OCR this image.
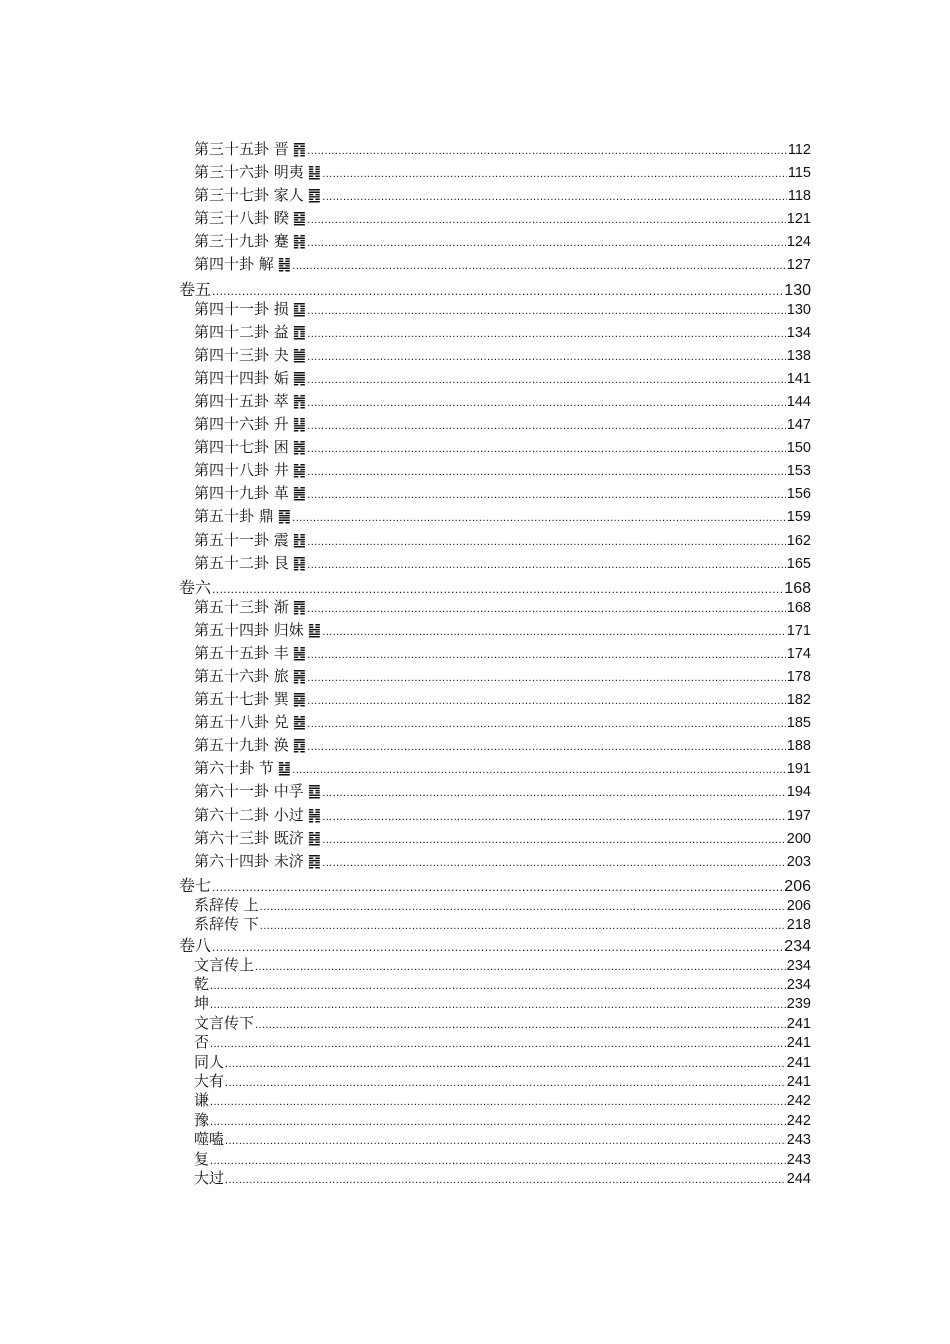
第三十五卦 晋 ䷢ .....	112
第三十六卦 明夷 ䷣ .....	115
第三十七卦 家人 ䷤ .....	118
第三十八卦 睽 ䷥ .....	121
第三十九卦 蹇 ䷦ .....	124
第四十卦 解 ䷧ .....	127
卷五 .....	130
第四十一卦 损 ䷨ .....	130
第四十二卦 益 ䷩ .....	134
第四十三卦 夬 ䷪ .....	138
第四十四卦 姤 ䷫ .....	141
第四十五卦 萃 ䷬ .....	144
第四十六卦 升 ䷭ .....	147
第四十七卦 困 ䷮ .....	150
第四十八卦 井 ䷯ .....	153
第四十九卦 革 ䷰ .....	156
第五十卦 鼎 ䷱ .....	159
第五十一卦 震 ䷲ .....	162
第五十二卦 艮 ䷳ .....	165
卷六 .....	168
第五十三卦 渐 ䷴ .....	168
第五十四卦 归妹 ䷵ .....	171
第五十五卦 丰 ䷶ .....	174
第五十六卦 旅 ䷷ .....	178
第五十七卦 巽 ䷸ .....	182
第五十八卦 兑 ䷹ .....	185
第五十九卦 涣 ䷺ .....	188
第六十卦 节 ䷻ .....	191
第六十一卦 中孚 ䷼ .....	194
第六十二卦 小过 ䷽ .....	197
第六十三卦 既济 ䷾ .....	200
第六十四卦 未济 ䷿ .....	203
卷七 .....	206
系辞传 上 .....	206
系辞传 下 .....	218
卷八 .....	234
文言传上 .....	234
乾 .....	234
坤 .....	239
文言传下 .....	241
否 .....	241
同人 .....	241
大有 .....	241
谦 .....	242
豫 .....	242
噬嗑 .....	243
复 .....	243
大过 .....	244
